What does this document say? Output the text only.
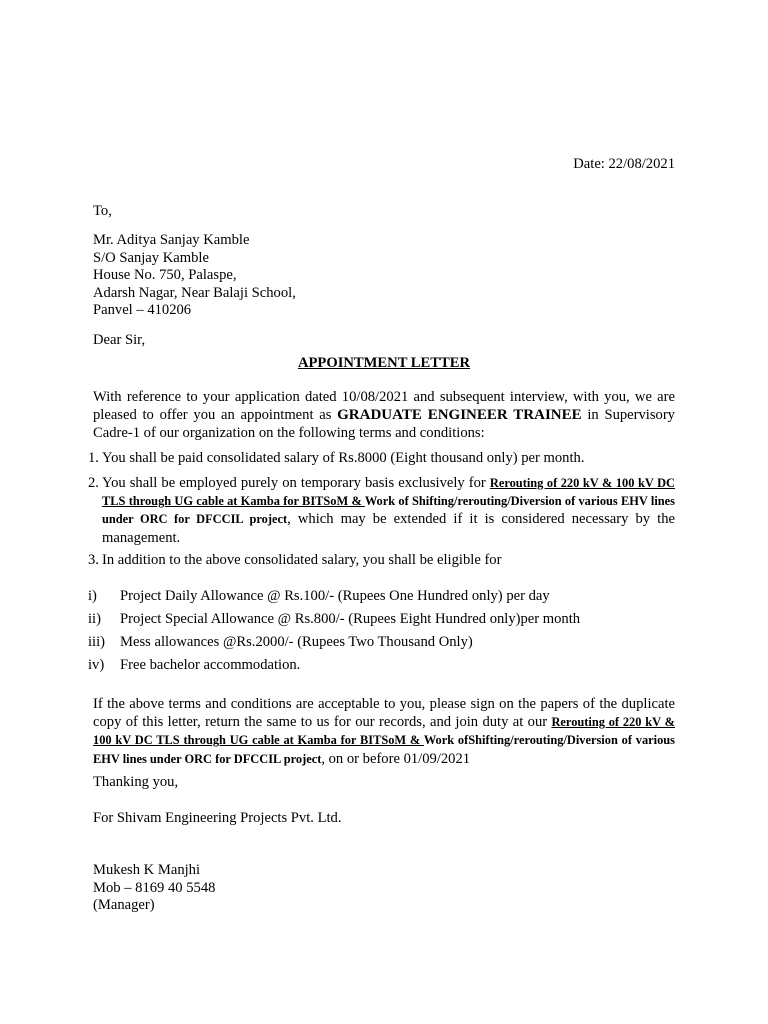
Date: 22/08/2021
To,
Mr. Aditya Sanjay Kamble
S/O Sanjay Kamble
House No. 750, Palaspe,
Adarsh Nagar, Near Balaji School,
Panvel – 410206
Dear Sir,
APPOINTMENT LETTER
With reference to your application dated 10/08/2021 and subsequent interview, with you, we are pleased to offer you an appointment as GRADUATE ENGINEER TRAINEE in Supervisory Cadre-1 of our organization on the following terms and conditions:
1. You shall be paid consolidated salary of Rs.8000 (Eight thousand only) per month.
2. You shall be employed purely on temporary basis exclusively for Rerouting of 220 kV & 100 kV DC TLS through UG cable at Kamba for BITSoM & Work of Shifting/rerouting/Diversion of various EHV lines under ORC for DFCCIL project, which may be extended if it is considered necessary by the management.
3. In addition to the above consolidated salary, you shall be eligible for
i) Project Daily Allowance @ Rs.100/- (Rupees One Hundred only) per day
ii) Project Special Allowance @ Rs.800/- (Rupees Eight Hundred only)per month
iii) Mess allowances @Rs.2000/- (Rupees Two Thousand Only)
iv) Free bachelor accommodation.
If the above terms and conditions are acceptable to you, please sign on the papers of the duplicate copy of this letter, return the same to us for our records, and join duty at our Rerouting of 220 kV & 100 kV DC TLS through UG cable at Kamba for BITSoM & Work ofShifting/rerouting/Diversion of various EHV lines under ORC for DFCCIL project, on or before 01/09/2021
Thanking you,
For Shivam Engineering Projects Pvt. Ltd.
Mukesh K Manjhi
Mob – 8169 40 5548
(Manager)
